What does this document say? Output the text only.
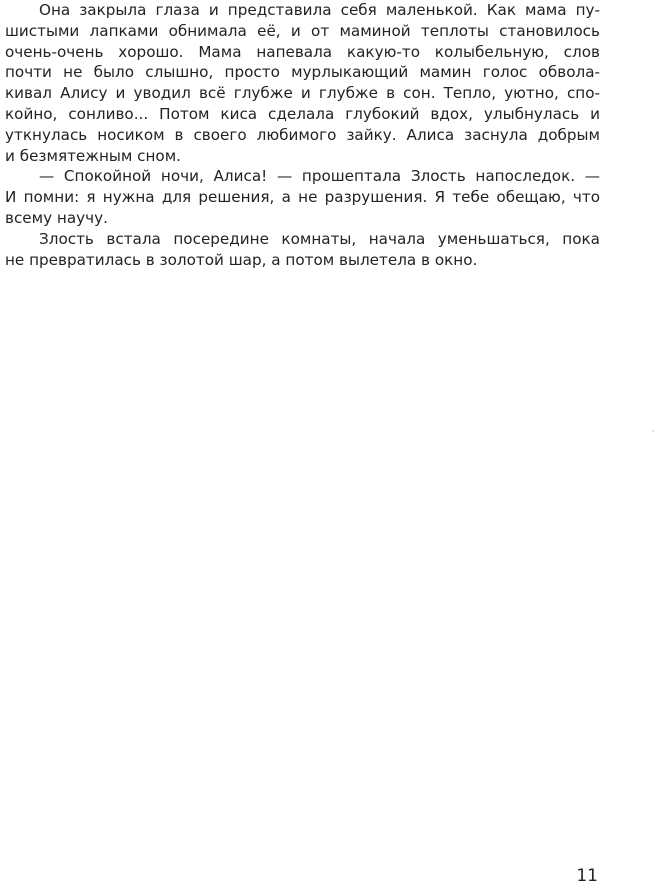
Она закрыла глаза и представила себя маленькой. Как мама пу-
шистыми лапками обнимала её, и от маминой теплоты становилось
очень-очень хорошо. Мама напевала какую-то колыбельную, слов
почти не было слышно, просто мурлыкающий мамин голос обвола-
кивал Алису и уводил всё глубже и глубже в сон. Тепло, уютно, спо-
койно, сонливо... Потом киса сделала глубокий вдох, улыбнулась и
уткнулась носиком в своего любимого зайку. Алиса заснула добрым
и безмятежным сном.
— Спокойной ночи, Алиса! — прошептала Злость напоследок. —
И помни: я нужна для решения, а не разрушения. Я тебе обещаю, что
всему научу.
Злость встала посередине комнаты, начала уменьшаться, пока
не превратилась в золотой шар, а потом вылетела в окно.
11
